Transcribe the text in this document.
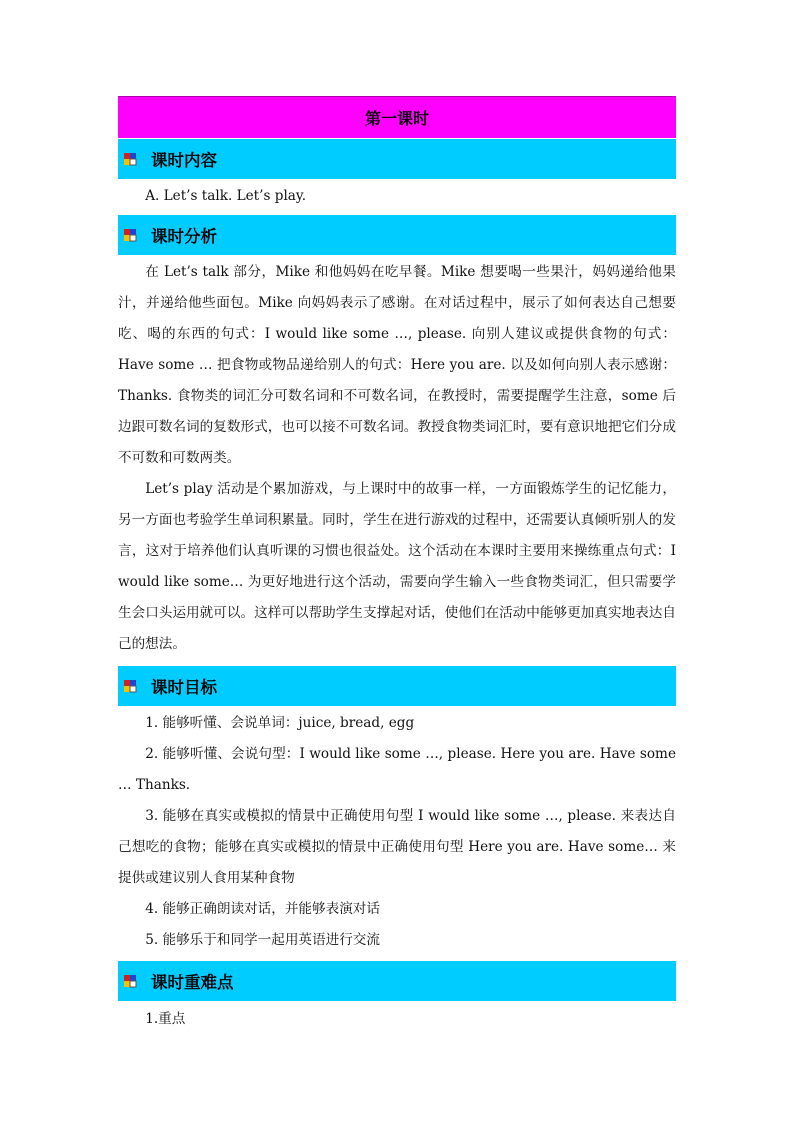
第一课时
课时内容
A. Let’s talk. Let’s play.
课时分析
在 Let’s talk 部分，Mike 和他妈妈在吃早餐。Mike 想要喝一些果汁，妈妈递给他果汁，并递给他些面包。Mike 向妈妈表示了感谢。在对话过程中，展示了如何表达自己想要吃、喝的东西的句式：I would like some …, please. 向别人建议或提供食物的句式：Have some … 把食物或物品递给别人的句式：Here you are. 以及如何向别人表示感谢：Thanks. 食物类的词汇分可数名词和不可数名词，在教授时，需要提醒学生注意，some 后边跟可数名词的复数形式，也可以接不可数名词。教授食物类词汇时，要有意识地把它们分成不可数和可数两类。
Let’s play 活动是个累加游戏，与上课时中的故事一样，一方面锻炼学生的记忆能力，另一方面也考验学生单词积累量。同时，学生在进行游戏的过程中，还需要认真倾听别人的发言，这对于培养他们认真听课的习惯也很益处。这个活动在本课时主要用来操练重点句式：I would like some… 为更好地进行这个活动，需要向学生输入一些食物类词汇，但只需要学生会口头运用就可以。这样可以帮助学生支撑起对话，使他们在活动中能够更加真实地表达自己的想法。
课时目标
1. 能够听懂、会说单词：juice, bread, egg
2. 能够听懂、会说句型：I would like some …, please. Here you are. Have some … Thanks.
3. 能够在真实或模拟的情景中正确使用句型 I would like some …, please. 来表达自己想吃的食物；能够在真实或模拟的情景中正确使用句型 Here you are. Have some… 来提供或建议别人食用某种食物
4. 能够正确朗读对话，并能够表演对话
5. 能够乐于和同学一起用英语进行交流
课时重难点
1.重点
